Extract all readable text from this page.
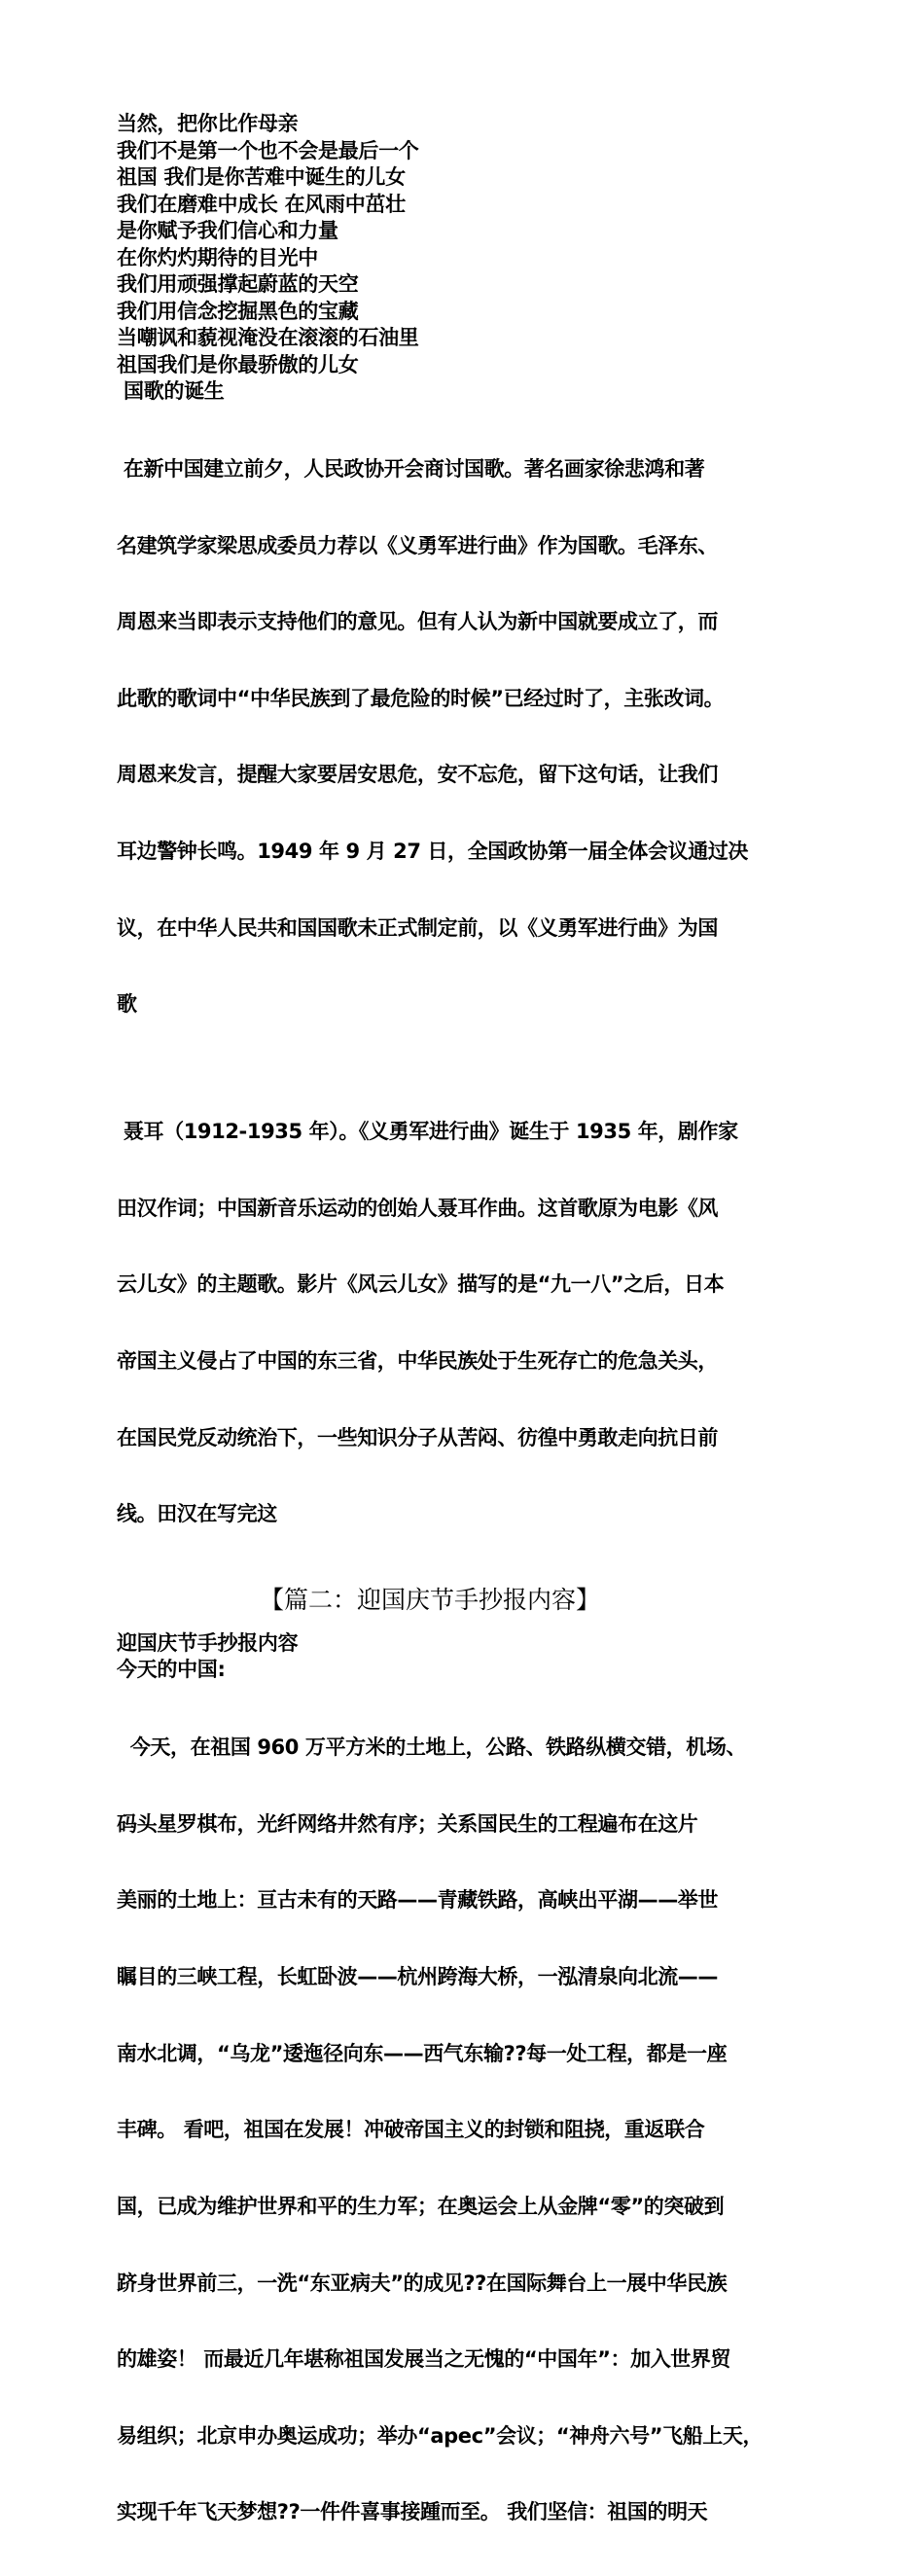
当然，把你比作母亲
我们不是第一个也不会是最后一个
祖国 我们是你苦难中诞生的儿女
我们在磨难中成长 在风雨中茁壮
是你赋予我们信心和力量
在你灼灼期待的目光中
我们用顽强撑起蔚蓝的天空
我们用信念挖掘黑色的宝藏
当嘲讽和藐视淹没在滚滚的石油里
祖国我们是你最骄傲的儿女
国歌的诞生

在新中国建立前夕，人民政协开会商讨国歌。著名画家徐悲鸿和著

名建筑学家梁思成委员力荐以《义勇军进行曲》作为国歌。毛泽东、

周恩来当即表示支持他们的意见。但有人认为新中国就要成立了，而

此歌的歌词中“中华民族到了最危险的时候”已经过时了，主张改词。

周恩来发言，提醒大家要居安思危，安不忘危，留下这句话，让我们

耳边警钟长鸣。1949 年 9 月 27 日，全国政协第一届全体会议通过决

议，在中华人民共和国国歌未正式制定前，以《义勇军进行曲》为国

歌

聂耳（1912-1935 年）。《义勇军进行曲》诞生于 1935 年，剧作家

田汉作词；中国新音乐运动的创始人聂耳作曲。这首歌原为电影《风

云儿女》的主题歌。影片《风云儿女》描写的是“九一八”之后，日本

帝国主义侵占了中国的东三省，中华民族处于生死存亡的危急关头，

在国民党反动统治下，一些知识分子从苦闷、彷徨中勇敢走向抗日前

线。田汉在写完这

【篇二：迎国庆节手抄报内容】
迎国庆节手抄报内容
今天的中国:

今天，在祖国 960 万平方米的土地上，公路、铁路纵横交错，机场、

码头星罗棋布，光纤网络井然有序；关系国民生的工程遍布在这片

美丽的土地上：亘古未有的天路——青藏铁路，高峡出平湖——举世

瞩目的三峡工程，长虹卧波——杭州跨海大桥，一泓清泉向北流——

南水北调，“乌龙”逶迤径向东——西气东输??每一处工程，都是一座

丰碑。 看吧，祖国在发展！冲破帝国主义的封锁和阻挠，重返联合

国，已成为维护世界和平的生力军；在奥运会上从金牌“零”的突破到

跻身世界前三，一洗“东亚病夫”的成见??在国际舞台上一展中华民族

的雄姿！ 而最近几年堪称祖国发展当之无愧的“中国年”：加入世界贸

易组织；北京申办奥运成功；举办“apec”会议；“神舟六号”飞船上天，

实现千年飞天梦想??一件件喜事接踵而至。 我们坚信：祖国的明天
